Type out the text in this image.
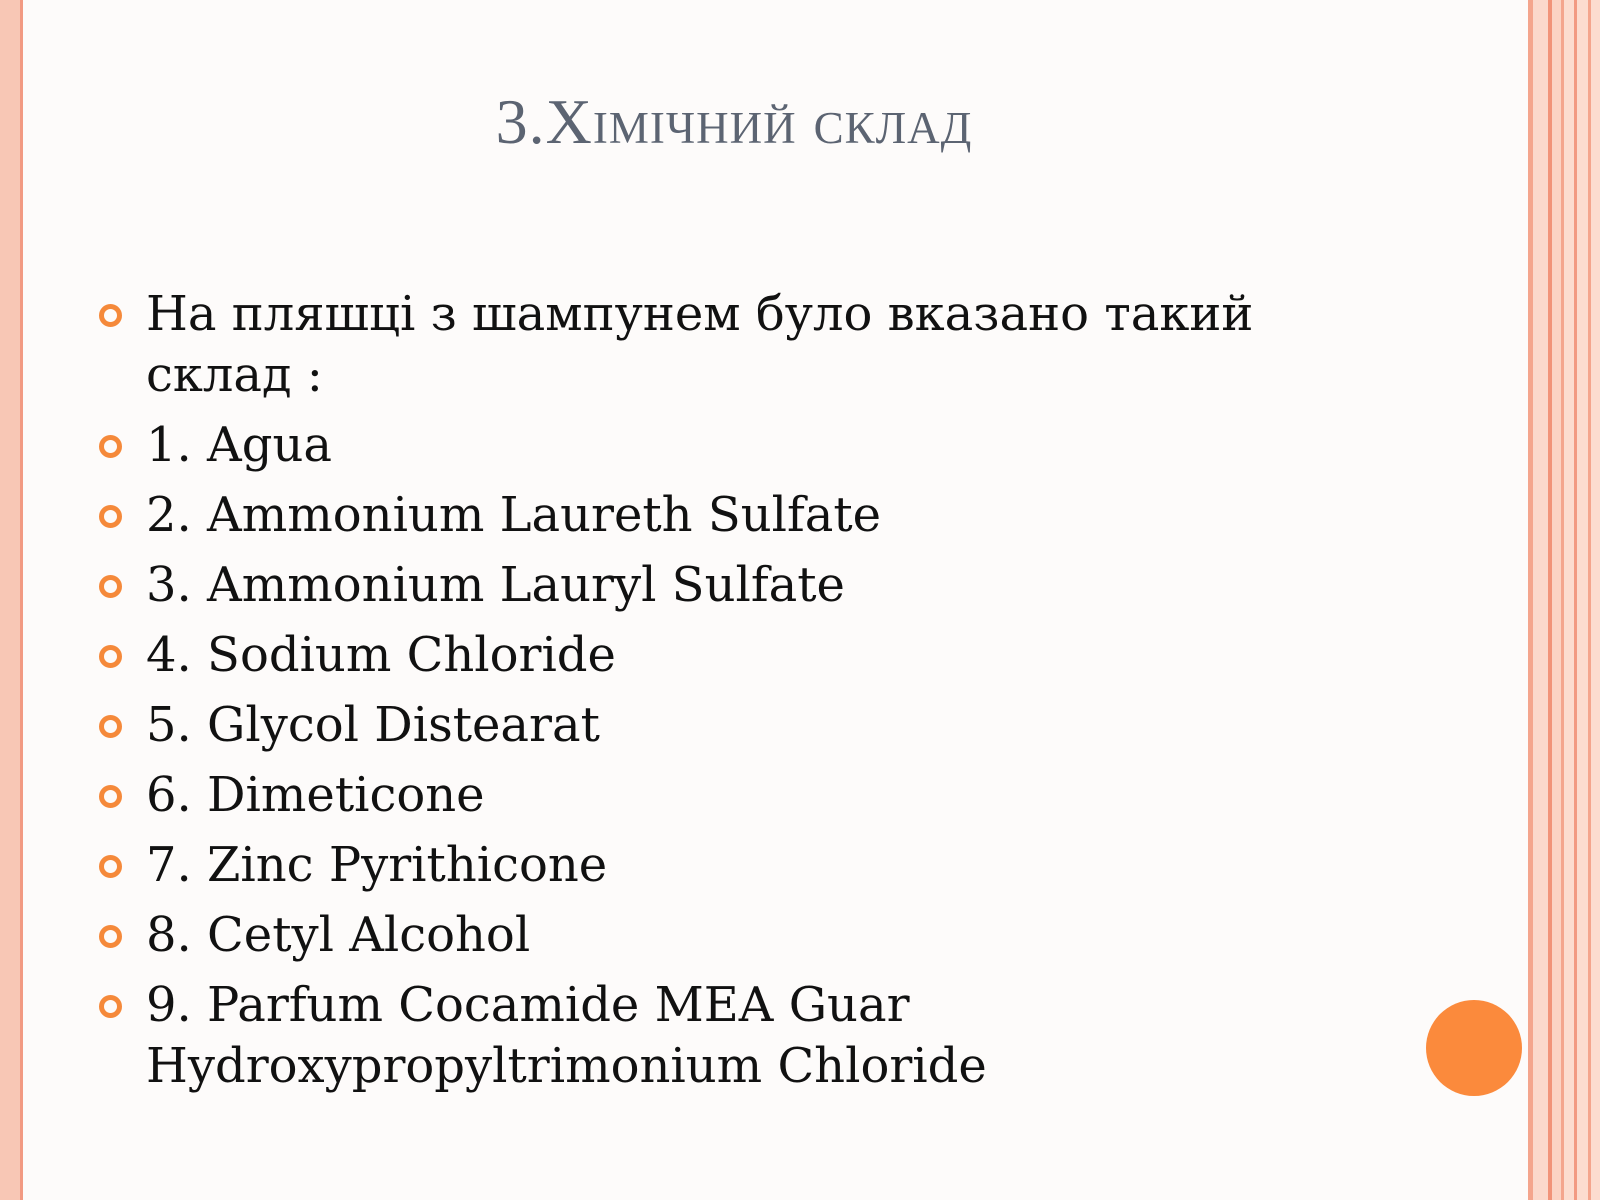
3.Хімічний склад
На пляшці з шампунем було вказано такий
склад :
1. Agua
2. Ammonium Laureth Sulfate
3. Ammonium Lauryl Sulfate
4. Sodium Chloride
5. Glycol Distearat
6. Dimeticone
7. Zinc Pyrithicone
8. Cetyl Alcohol
9. Parfum Cocamide MEA Guar
Hydroxypropyltrimonium Chloride
